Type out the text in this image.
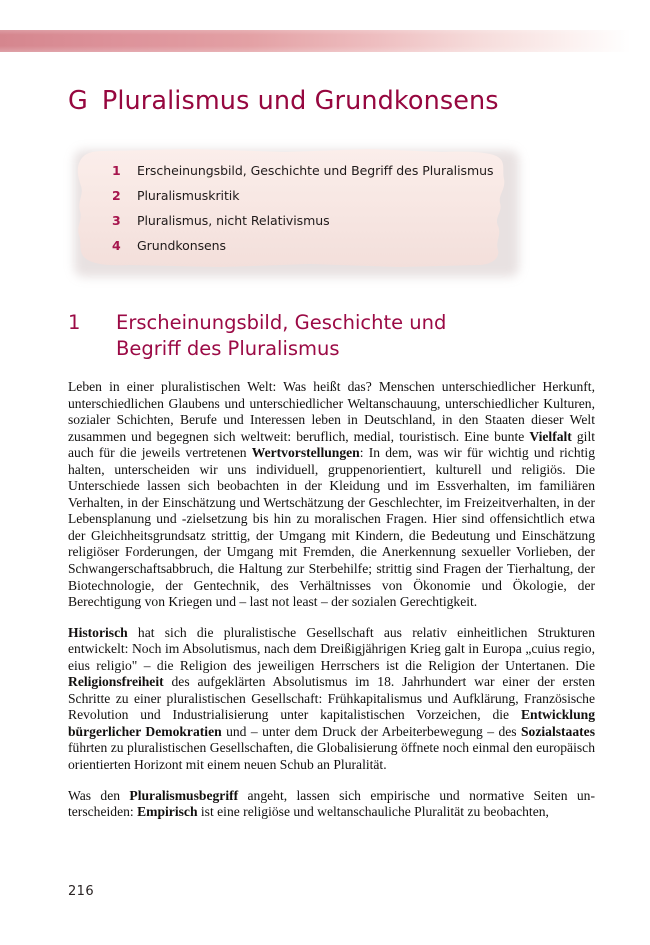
G Pluralismus und Grundkonsens
1	Erscheinungsbild, Geschichte und Begriff des Pluralismus
2	Pluralismuskritik
3	Pluralismus, nicht Relativismus
4	Grundkonsens
1 Erscheinungsbild, Geschichte und
Begriff des Pluralismus

Leben in einer pluralistischen Welt: Was heißt das? Menschen unterschiedlicher Herkunft, unterschiedlichen Glaubens und unterschiedlicher Weltanschauung, unterschiedlicher Kulturen, sozialer Schichten, Berufe und Interessen leben in Deutschland, in den Staaten dieser Welt zusammen und begegnen sich weltweit: beruflich, medial, touristisch. Eine bunte Vielfalt gilt auch für die jeweils vertretenen Wertvorstellungen: In dem, was wir für wichtig und richtig halten, unterscheiden wir uns individuell, gruppenorientiert, kulturell und religiös. Die Unterschiede lassen sich beobachten in der Kleidung und im Essverhalten, im familiären Verhalten, in der Einschätzung und Wertschätzung der Geschlechter, im Freizeitverhalten, in der Lebensplanung und -zielsetzung bis hin zu moralischen Fragen. Hier sind offensichtlich etwa der Gleichheitsgrundsatz strittig, der Umgang mit Kindern, die Bedeutung und Einschätzung religiöser Forderungen, der Umgang mit Fremden, die Anerkennung sexueller Vorlieben, der Schwangerschaftsabbruch, die Haltung zur Sterbehilfe; strittig sind Fragen der Tierhaltung, der Biotechnologie, der Gentechnik, des Verhältnisses von Ökonomie und Ökologie, der Berechtigung von Kriegen und – last not least – der sozialen Gerechtigkeit.

Historisch hat sich die pluralistische Gesellschaft aus relativ einheitlichen Strukturen entwickelt: Noch im Absolutismus, nach dem Dreißigjährigen Krieg galt in Europa „cuius regio, eius religio" – die Religion des jeweiligen Herrschers ist die Religion der Untertanen. Die Religionsfreiheit des aufgeklärten Absolutismus im 18. Jahrhundert war einer der ersten Schritte zu einer pluralistischen Gesellschaft: Frühkapitalismus und Aufklärung, Französische Revolution und Industrialisierung unter kapitalistischen Vorzeichen, die Entwicklung bürgerlicher Demokratien und – unter dem Druck der Arbeiterbewegung – des Sozialstaates führten zu pluralistischen Gesellschaften, die Globalisierung öffnete noch einmal den europäisch orientierten Horizont mit einem neuen Schub an Pluralität.

Was den Pluralismusbegriff angeht, lassen sich empirische und normative Seiten unterscheiden: Empirisch ist eine religiöse und weltanschauliche Pluralität zu beobachten,

216
